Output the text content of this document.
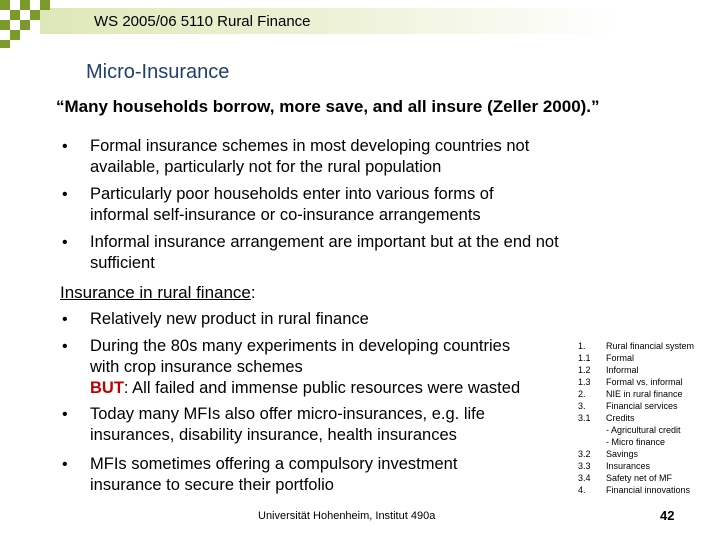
WS 2005/06 5110 Rural Finance
Micro-Insurance
“Many households borrow, more save, and all insure (Zeller 2000).”
• Formal insurance schemes in most developing countries not
available, particularly not for the rural population
• Particularly poor households enter into various forms of
informal self-insurance or co-insurance arrangements
• Informal insurance arrangement are important but at the end not
sufficient
Insurance in rural finance:
• Relatively new product in rural finance
• During the 80s many experiments in developing countries
with crop insurance schemes
BUT: All failed and immense public resources were wasted
• Today many MFIs also offer micro-insurances, e.g. life
insurances, disability insurance, health insurances
• MFIs sometimes offering a compulsory investment
insurance to secure their portfolio
1.	Rural financial system
1.1	Formal
1.2	Informal
1.3	Formal vs. informal
2.	NIE in rural finance
3.	Financial services
3.1	Credits
- Agricultural credit
- Micro finance
3.2	Savings
3.3	Insurances
3.4	Safety net of MF
4.	Financial innovations
Universität Hohenheim, Institut 490a	42
